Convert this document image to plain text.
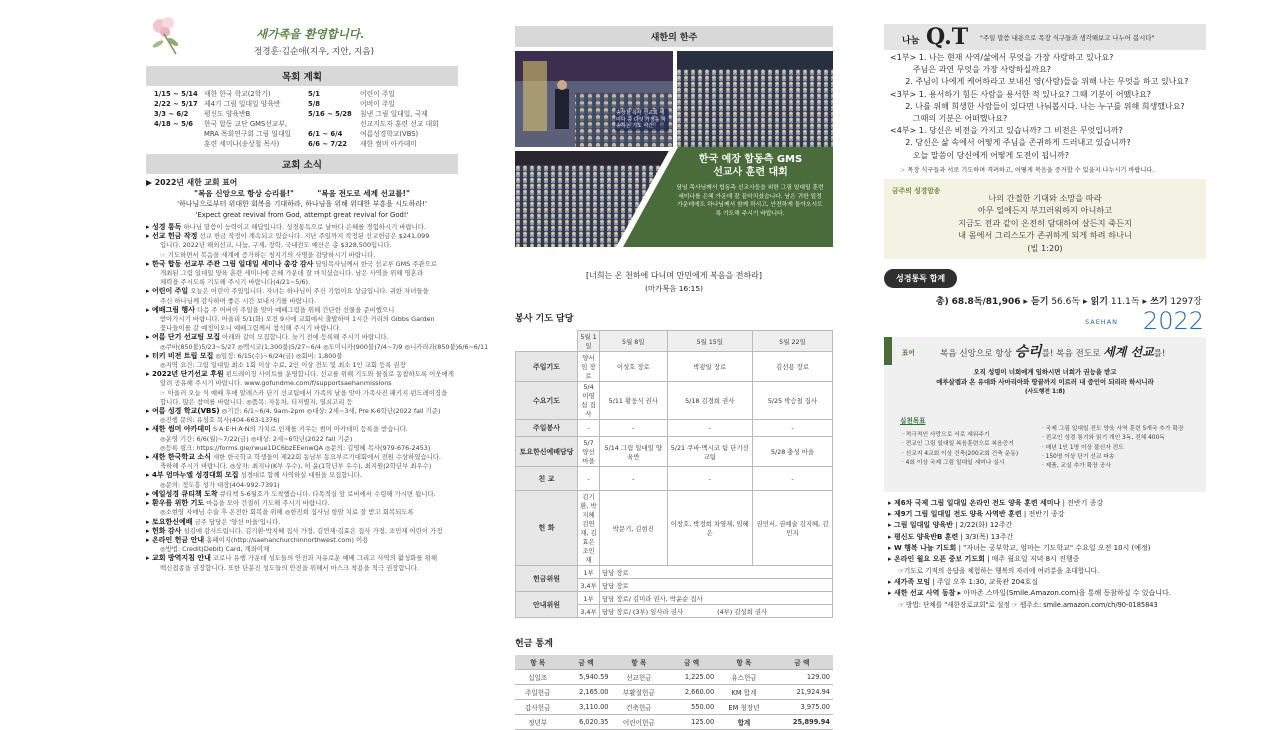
새가족을 환영합니다.
정경훈·김순애(지우, 지안, 지음)
목회 계획
1/15 ~ 5/14 새한 한국 학교(2학기)	5/1	어린이 주일
2/22 ~ 5/17 제4기 그림 일대일 양육반	5/8	어버이 주일
3/3 ~ 6/2	평신도 양육반B	5/16 ~ 5/28	침낸 그림 일대일, 국제
4/18 ~ 5/6	한국 합동 교단 GMS선교부,	선교지도자 훈련 선교 대회
MRA 목회연구회 그림 일대일	6/1 ~ 6/4	여름성경학교(VBS)
훈련 세미나(송상철 목사)	6/6 ~ 7/22	새한 썸머 아카데미
교회 소식
▶ 2022년 새한 교회 표어
"복음 신앙으로 항상 승리를!"	"복음 전도로 세계 선교를!"
'하나님으로부터 위대한 회복을 기대하라, 하나님을 위해 위대한 부흥을 시도하라!'
'Expect great revival from God, attempt great revival for God!'
▸ 성경 통독 하나님 말씀이 능력이고 해답입니다. 성경통독으로 날마다 은혜를 경험하시기 바랍니다.
▸ 선교 헌금 작정 선교 헌금 작정이 계속되고 있습니다. 지난 주일까지 작정된 선교헌금은 $241,099
입니다. 2022년 해외선교, 나눔, 구제, 장학, 국내전도 예산은 총 $328,500입니다.
☞ 기도하면서 복음을 세계에 증거하는 청지기의 사명을 감당하시기 바랍니다.
▸ 한국 합동 선교부 주관 그림 일대일 세미나 총강 감사 담임목사님께서 한국 선교부 GMS 주관으로
개최된 그림 일대일 양육 훈련 세미나에 은혜 가운데 잘 마치셨습니다. 남은 사역을 위해 영혼과
체력을 주시도록 기도해 주시기 바랍니다(4/21~5/6).
▸ 어린이 주일 오늘은 어린이 주일입니다. 자녀는 하나님이 주신 기업이요 상급입니다. 귀한 자녀들을
주신 하나님께 감사하며 좋은 시간 보내시기를 바랍니다.
▸ 예배그림 행사 다음 주 어버이 주일을 맞아 예배그림을 위해 간단한 선물을 준비했으니
받아가시기 바랍니다. 어울리 5/1(화) 오전 9시에 교회에서 출발하여 1시간 거리의 Gibbs Garden
꽃나들이를 갈 예정이오니 예배그림께서 참석해 주시기 바랍니다.
▸ 여름 단기 선교팀 모집 아래와 같이 모집합니다. 늦기 전에 등록해 주시기 바랍니다.
◎쿠바(850불)5/23~5/27 ◎멕시코(1,300불)5/27~6/4 ◎도미니카(900불)7/4~7/9 ◎니카라과(850불)6/6~6/11
▸ 터키 비전 트립 모집 ◎일정: 6/15(수)~6/24(금) ◎회비: 1,800불
◎지역 요건: 그림 일대일 최소 1회 이상 수료, 2인 이상 전도 및 최소 1인 교회 등록 권장
▸ 2022년 단기선교 후원 펀드레이징 사이트를 운영합니다. 선교를 위해 기도와 물질로 동참하도록 이웃에게
알려 공유해 주시기 바랍니다. www.gofundme.com/f/supportsaehanmissions
☞ 아울러 오늘 식 예배 후에 알래스카 단기 선교팀에서 가족의 날을 맞아 가족사진 패키지 펀드레이징을
합니다. 많은 참여를 바랍니다. ◎품목: 자동차, 티저별지, 열쇠고리 등
▸ 여름 성경 학교(VBS) ◎기간: 6/1~6/4, 9am-2pm ◎대상: 2세~3세, Pre K-6학년(2022 fall 기준)
◎진행 문의: 유성호 목사(404-663-1376)
▸ 새한 썸머 아카데미 S·A·E·H·A·N의 가치로 인재를 키우는 썸머 아카데미 등록을 받습니다.
◎운영 기간: 6/6(월)~7/22(금) ◎대상: 2세~6학년(2022 fall 기준)
◎등록 링크: https://forms.gle/rwue1DC6bzEEenwQA ◎문의: 김영혜 목사(979-676-2453)
▸ 새한 한국학교 소식 새한 한국학교 학생들이 제22회 동남부 동요부르기대회에서 전원 수상하였습니다.
축하해 주시기 바랍니다. ◎상자: 최지나(K부 우수), 허 윤(1학년부 우수), 최지원(2학년부 최우수)
▸ 4부 엄마누엘 성경대회 모집 성경대로 합께 사역하실 대원을 모집합니다.
◎문의: 정도흥 성가 대장(404-992-7391)
▸ 예일성경 큐티책 도착 큐티책 5-6월호가 도착했습니다. 다목적실 앞 로비에서 수령해 가시면 됩니다.
▸ 환우를 위한 기도 마음을 모아 간절히 기도해 주시기 바랍니다.
◎소현영 자매님 수술 후 온전한 회복을 위해 ◎한진희 집사님 항암 치료 잘 받고 회복되도록
▸ 토요한신예배 금주 담당은 '양선 마을'입니다.
▸ 헌화 감사 섬김에 감사드립니다. 김기환·박지혜 집사 가정, 김연재·김효은 집사 가정, 조민재 어린이 가정
▸ 온라인 헌금 안내 홈페이지(http://saehanchurchinnorthwest.com) 이용
◎방법: Credit(Debit) Card, 계좌이체
▸ 교회 방역지침 안내 코로나 유행 가운데 성도들의 안전과 자유로운 예배 그리고 사역의 활성화를 위해
백신접종을 권장합니다. 또한 단분진 성도들의 안전을 위해서 마스크 착용을 적극 권장합니다.
새한의 한주
송상철 목사 선교회 세미나 중 다섯 가정을 파송하는 기도 시간
한국 예장 합동측 GMS
선교사 훈련 대회
담임 목사님께서 합동측 선교사들을 위한 그림 일대일 훈련 세미나를 은혜 가운데 잘 끝마치셨습니다. 남은 귀한 일정 가운데에도 하나님께서 함께 하시고, 안전하게 돌아오시도록 기도해 주시기 바랍니다.
[너희는 온 천하에 다니며 만민에게 복음을 전하라]
(마가복음 16:15)
봉사 기도 담당
	5월 1일	5월 8일	5월 15일	5월 22일
주일기도	양서임 장로	이성호 장로	박광일 장로	김선용 장로
수요기도	5/4 이영섭 집사	5/11 황웅식 권사	5/18 김경희 권사	5/25 박승철 집사
주일봉사	-	-	-	-
토요한신예배담당	5/7 양선 마을	5/14 그림 일대일 양육반	5/21 쿠바·멕시코 팀 단기선교팀	5/28 충성 마을
친 교	-	-	-	-
헌 화	김기환, 박지혜 김연재, 김효은 조민재	박문기, 김현진	이창호, 박정희 차영재, 임혜은	권민서, 권예술 김지혜, 김민지
헌금위원	1부	담당 장로		
	3,4부	담당 장로		
안내위원	1부	담당 장로/ 김미라 권사, 박윤순 집사		
	3,4부	담당 장로/ (3부) 임사라 권사 (4부) 김성희 권사		
헌금 통계
항 목	금 액	항 목	금 액	항 목	금 액
십일조	5,940.59	선교헌금	1,225.00	유스헌금	129.00
주일헌금	2,165.00	부활절헌금	2,660.00	KM 합계	21,924.94
감사헌금	3,110.00	건축헌금	550.00	EM 청장년	3,975.00
정년부	6,020.35	어린이헌금	125.00	합계	25,899.94
나눔 Q.T "주일 말씀 내용으로 목장 식구들과 생각해보고 나누어 봅시다"
<1부> 1. 나는 현재 사역/삶에서 무엇을 가장 사랑하고 있나요?
주님은 과연 무엇을 가장 사랑하실까요?
2. 주님이 나에게 케어하라고 보내신 영(사람)들을 위해 나는 무엇을 하고 있나요?
<3부> 1. 용서하기 힘든 사람을 용서한 적 있나요? 그때 기분이 어땠나요?
2. 나를 위해 희생한 사람들이 있다면 나눠봅시다. 나는 누구를 위해 희생했나요?
그때의 기분은 어떠했나요?
<4부> 1. 당신은 비전을 가지고 있습니까? 그 비전은 무엇입니까?
2. 당신은 삶 속에서 어떻게 주님을 존귀하게 드러내고 있습니까?
오늘 말씀이 당신에게 어떻게 도전이 됩니까?
☞ 목장 식구들과 서로 기도하며 격려하고, 어떻게 복음을 증거할 수 있을지 나누시기 바랍니다.
금주의 성경암송
나의 간절한 기대와 소망을 따라
아무 일에든지 부끄러워하지 아니하고
지금도 전과 같이 온전히 담대하여 살든지 죽든지
내 몸에서 그리스도가 존귀하게 되게 하려 하나니
(빌 1:20)
성경통독 합계
총) 68.8독/81,906 ▸ 듣기 56.6독 ▸ 읽기 11.1독 ▸ 쓰기 1297장
SAEHAN 2022
표어	복음 신앙으로 항상 승리를! 복음 전도로 세계 선교를!
오직 성령이 너희에게 임하시면 너희가 권능을 받고
예루살렘과 온 유대와 사마리아와 땅끝까지 이르러 내 증인이 되리라 하시니라
(사도행전 1:8)
실천목표
· 적극적인 사랑으로 서로 세워주기
· 전교인 그림 일대일 복음훈련으로 복음증거
· 선교지 4교회 이상 건축(200교회 건축 운동)
· 4회 이상 국제 그림 일대일 세미나 실시
· 국제 그림 일대일 전도 양육 사역 훈련 5개국 추가 확장
· 전교인 성경 통기와 읽기 개인 3독, 전체 400독
· 매년 1인 1명 이상 불신자 전도
· 150명 이상 단기 선교 파송
· 제품, 교실 추가 확장 공사
▸ 제6차 국제 그림 일대일 온라인 전도 양육 훈련 세미나 | 전반기 종강
▸ 제9기 그림 일대일 전도 양육 사역반 훈련 | 전반기 종강
▸ 그림 일대일 양육반 | 2/22(화) 12주간
▸ 평신도 양육반B 훈련 | 3/3(목) 13주간
▸ W 행복 나눔 기도회 | "자녀는 공부학교, 엄마는 기도학교" 수요일 오전 10시 (예정)
▸ 온라인 월요 오픈 중보 기도회 | 매주 월요일 저녁 8시 진행중
☞기도로 기적의 응답을 체험하는 행복의 자리에 여러분을 초대합니다.
▸ 새가족 모임 | 주일 오후 1:30, 교육관 204호실
▸ 새한 선교 사역 동참 ▸ 아마존 스마일(Smile.Amazon.com)을 통해 동참하실 수 있습니다.
☞ 방법: 단체를 "새한장로교회"로 설정 ☞ 웹주소: smile.amazon.com/ch/90-0185843
